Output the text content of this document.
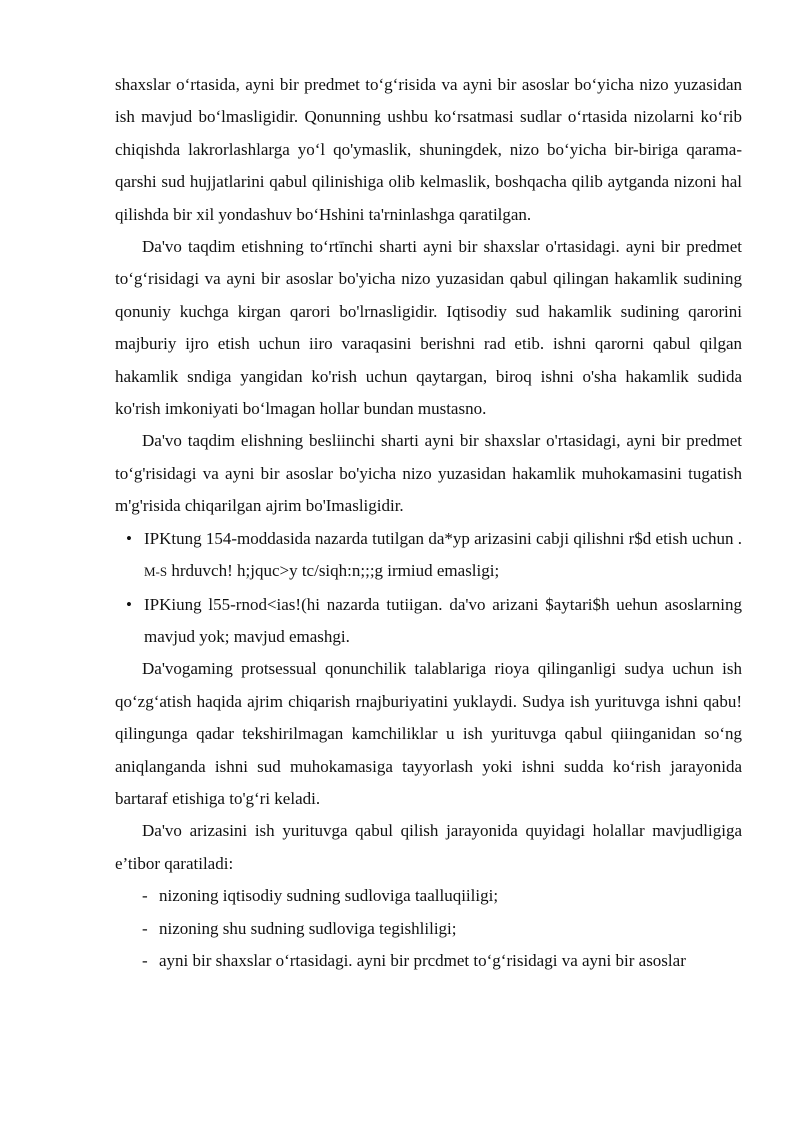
shaxslar o‘rtasida, ayni bir predmet to‘g‘risida va ayni bir asoslar bo‘yicha nizo yuzasidan ish mavjud bo‘lmasligidir. Qonunning ushbu ko‘rsatmasi sudlar o‘rtasida nizolarni ko‘rib chiqishda lakrorlashlarga yo‘l qo'ymaslik, shuningdek, nizo bo‘yicha bir-biriga qarama-qarshi sud hujjatlarini qabul qilinishiga olib kelmaslik, boshqacha qilib aytganda nizoni hal qilishda bir xil yondashuv bo‘Hshini ta'rninlashga qaratilgan.

Da'vo taqdim etishning to‘rtīnchi sharti ayni bir shaxslar o'rtasidagi. ayni bir predmet to‘g‘risidagi va ayni bir asoslar bo'yicha nizo yuzasidan qabul qilingan hakamlik sudining qonuniy kuchga kirgan qarori bo'lrnasligidir. Iqtisodiy sud hakamlik sudining qarorini majburiy ijro etish uchun iiro varaqasini berishni rad etib. ishni qarorni qabul qilgan hakamlik sndiga yangidan ko'rish uchun qaytargan, biroq ishni o'sha hakamlik sudida ko'rish imkoniyati bo‘lmagan hollar bundan mustasno.

Da'vo taqdim elishning besliinchi sharti ayni bir shaxslar o'rtasidagi, ayni bir predmet to‘g'risidagi va ayni bir asoslar bo'yicha nizo yuzasidan hakamlik muhokamasini tugatish m'g'risida chiqarilgan ajrim bo'Imasligidir.

• IPKtung 154-moddasida nazarda tutilgan da*yp arizasini cabji qilishni r$d etish uchun . M-S hrduvch! h;jquc>y tc/siqh:n;;;g irmiud emasligi;

• IPKiung l55-rnod<ias!(hi nazarda tutiigan. da'vo arizani $aytari$h uehun asoslarning mavjud yok; mavjud emashgi.

Da'vogaming protsessual qonunchilik talablariga rioya qilinganligi sudya uchun ish qo‘zg‘atish haqida ajrim chiqarish rnajburiyatini yuklaydi. Sudya ish yurituvga ishni qabu! qilingunga qadar tekshirilmagan kamchiliklar u ish yurituvga qabul qiiinganidan so‘ng aniqlanganda ishni sud muhokamasiga tayyorlash yoki ishni sudda ko‘rish jarayonida bartaraf etishiga to'g‘ri keladi.

Da'vo arizasini ish yurituvga qabul qilish jarayonida quyidagi holallar mavjudligiga e’tibor qaratiladi:

- nizoning iqtisodiy sudning sudloviga taalluqiiligi;
- nizoning shu sudning sudloviga tegishliligi;
- ayni bir shaxslar o‘rtasidagi. ayni bir prcdmet to‘g‘risidagi va ayni bir asoslar
